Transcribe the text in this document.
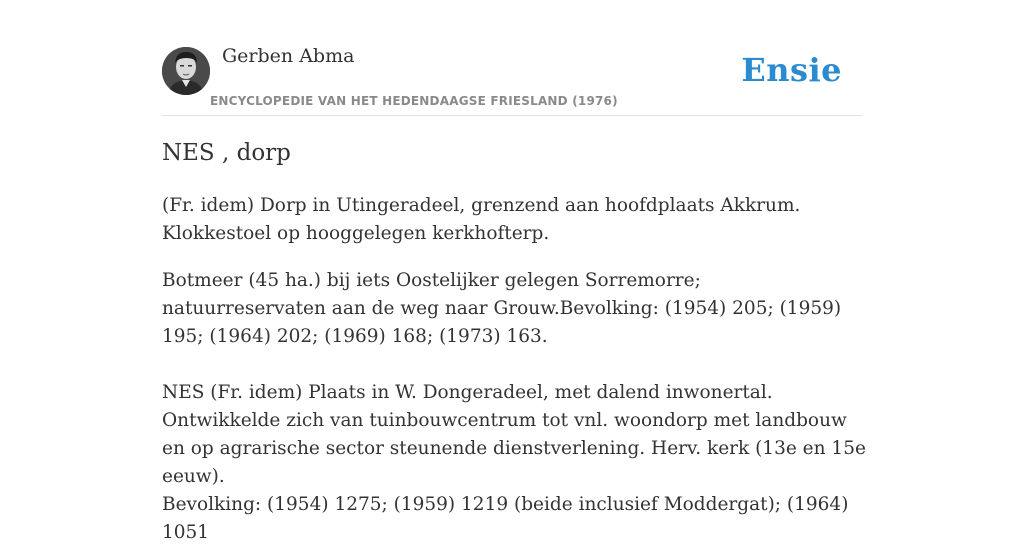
Gerben Abma
ENCYCLOPEDIE VAN HET HEDENDAAGSE FRIESLAND (1976)
Ensie
NES , dorp

(Fr. idem) Dorp in Utingeradeel, grenzend aan hoofdplaats Akkrum. Klokkestoel op hooggelegen kerkhofterp.

Botmeer (45 ha.) bij iets Oostelijker gelegen Sorremorre; natuurreservaten aan de weg naar Grouw.Bevolking: (1954) 205; (1959) 195; (1964) 202; (1969) 168; (1973) 163.

NES (Fr. idem) Plaats in W. Dongeradeel, met dalend inwonertal. Ontwikkelde zich van tuinbouwcentrum tot vnl. woondorp met landbouw en op agrarische sector steunende dienstverlening. Herv. kerk (13e en 15e eeuw).

Bevolking: (1954) 1275; (1959) 1219 (beide inclusief Moddergat); (1964) 1051
